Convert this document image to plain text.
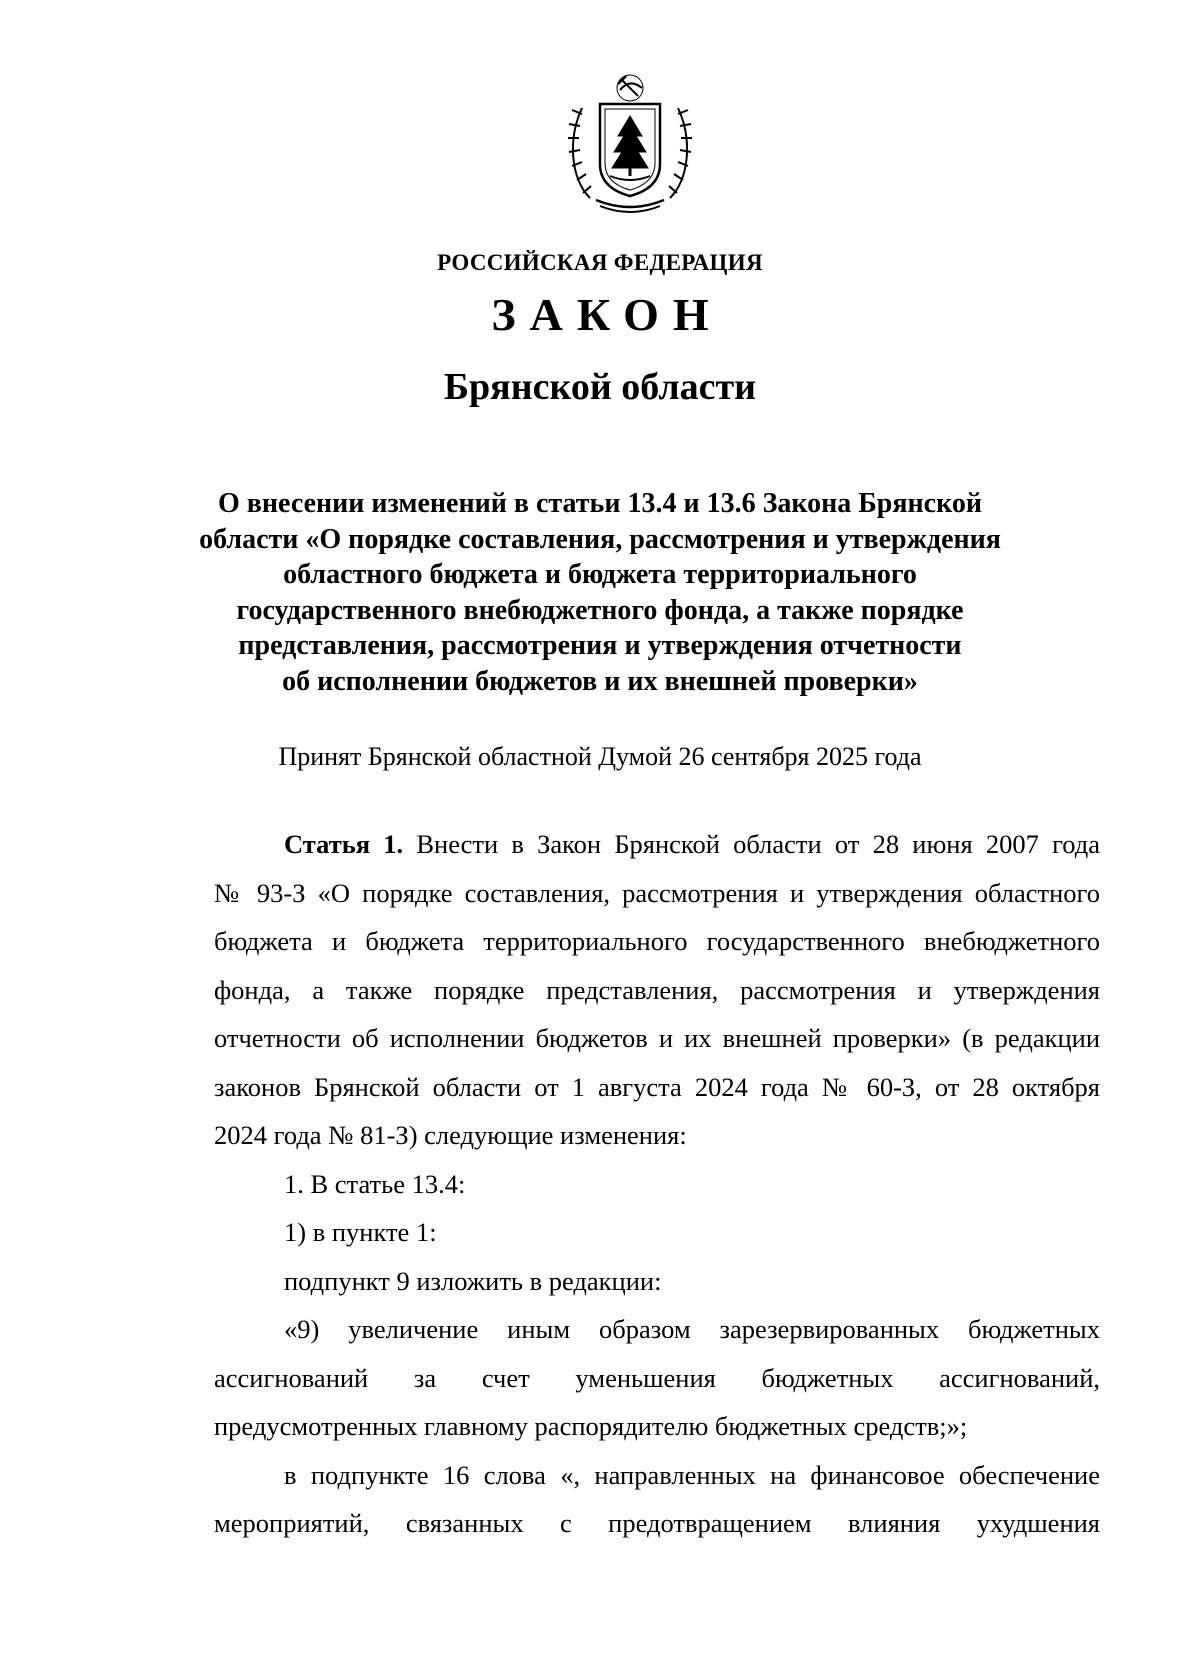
РОССИЙСКАЯ ФЕДЕРАЦИЯ
ЗАКОН
Брянской области
О внесении изменений в статьи 13.4 и 13.6 Закона Брянской
области «О порядке составления, рассмотрения и утверждения
областного бюджета и бюджета территориального
государственного внебюджетного фонда, а также порядке
представления, рассмотрения и утверждения отчетности
об исполнении бюджетов и их внешней проверки»
Принят Брянской областной Думой 26 сентября 2025 года
Статья 1. Внести в Закон Брянской области от 28 июня 2007 года
№ 93-З «О порядке составления, рассмотрения и утверждения областного
бюджета и бюджета территориального государственного внебюджетного
фонда, а также порядке представления, рассмотрения и утверждения
отчетности об исполнении бюджетов и их внешней проверки» (в редакции
законов Брянской области от 1 августа 2024 года № 60-З, от 28 октября
2024 года № 81-З) следующие изменения:
1. В статье 13.4:
1) в пункте 1:
подпункт 9 изложить в редакции:
«9) увеличение иным образом зарезервированных бюджетных
ассигнований за счет уменьшения бюджетных ассигнований,
предусмотренных главному распорядителю бюджетных средств;»;
в подпункте 16 слова «, направленных на финансовое обеспечение
мероприятий, связанных с предотвращением влияния ухудшения
